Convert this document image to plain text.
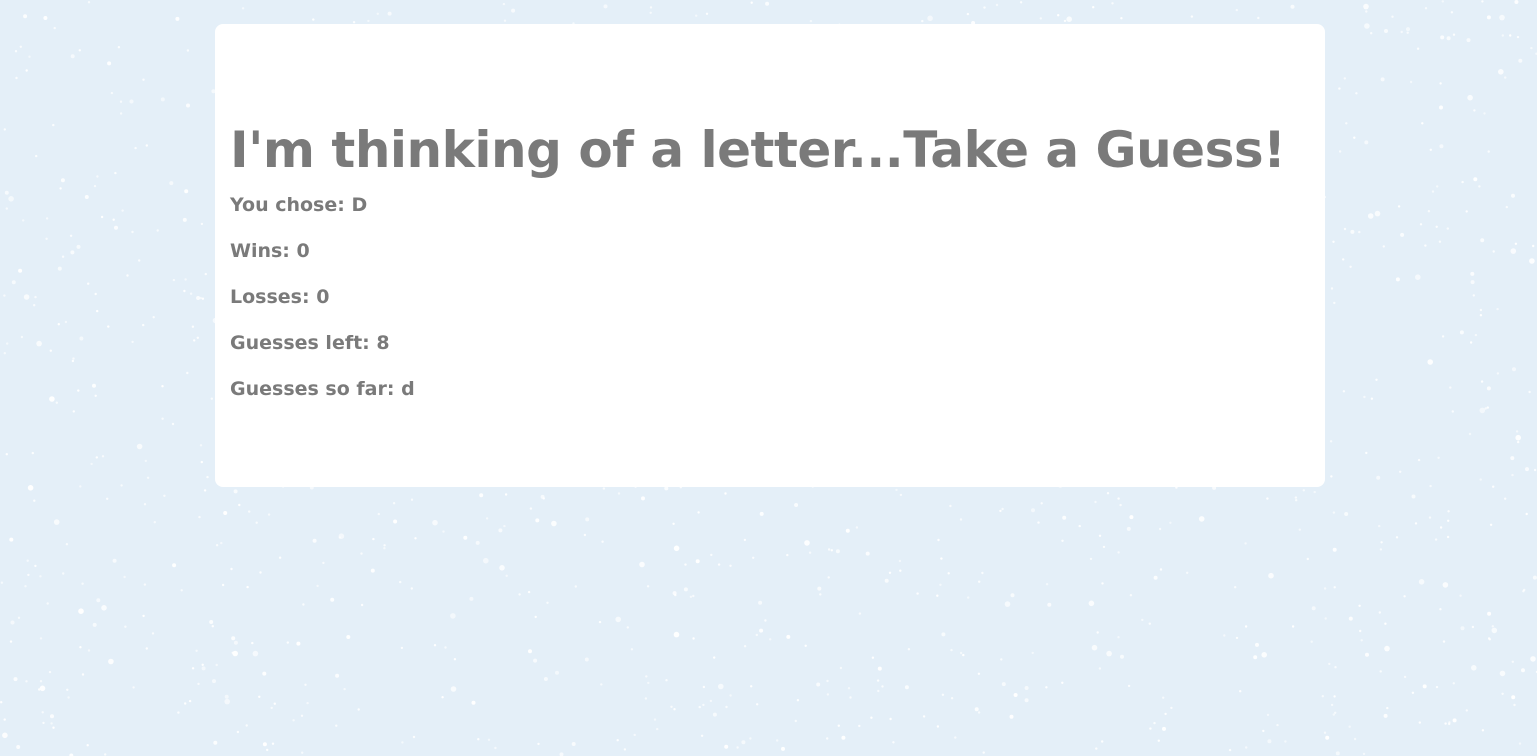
I'm thinking of a letter...Take a Guess!

You chose: D

Wins: 0

Losses: 0

Guesses left: 8

Guesses so far: d
